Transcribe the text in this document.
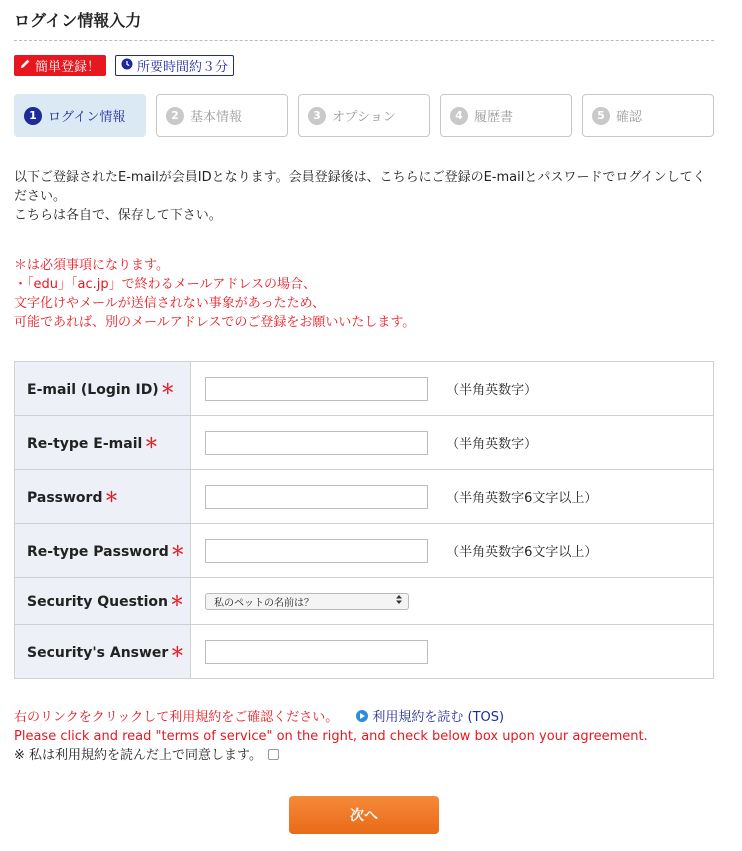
ログイン情報入力
簡単登録！	所要時間約３分
1 ログイン情報	2 基本情報	3 オプション	4 履歴書	5 確認
以下ご登録されたE-mailが会員IDとなります。会員登録後は、こちらにご登録のE-mailとパスワードでログインしてください。
こちらは各自で、保存して下さい。
＊は必須事項になります。
・「edu」「ac.jp」で終わるメールアドレスの場合、
文字化けやメールが送信されない事象があったため、
可能であれば、別のメールアドレスでのご登録をお願いいたします。
E-mail (Login ID) ＊	（半角英数字）
Re-type E-mail ＊	（半角英数字）
Password ＊	（半角英数字6文字以上）
Re-type Password ＊	（半角英数字6文字以上）
Security Question ＊	私のペットの名前は？

Security's Answer ＊	
右のリンクをクリックして利用規約をご確認ください。	利用規約を読む (TOS)
Please click and read "terms of service" on the right, and check below box upon your agreement.
※ 私は利用規約を読んだ上で同意します。
次へ
